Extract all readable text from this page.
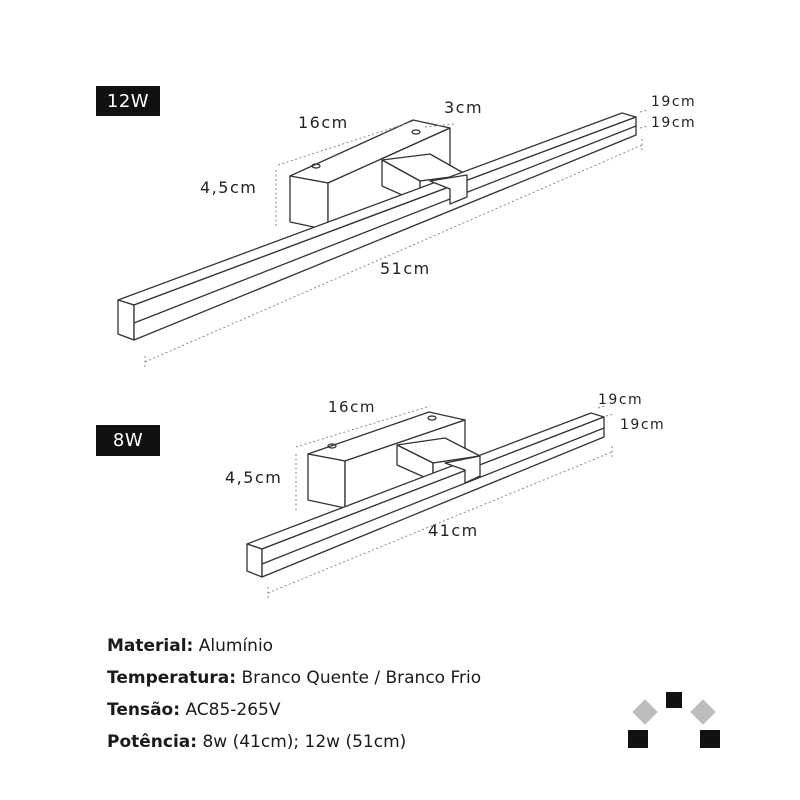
12W
8W
16cm
3cm
4,5cm
51cm
19cm
19cm
16cm
4,5cm
41cm
19cm
19cm
Material: Alumínio
Temperatura: Branco Quente / Branco Frio
Tensão: AC85-265V
Potência: 8w (41cm); 12w (51cm)
